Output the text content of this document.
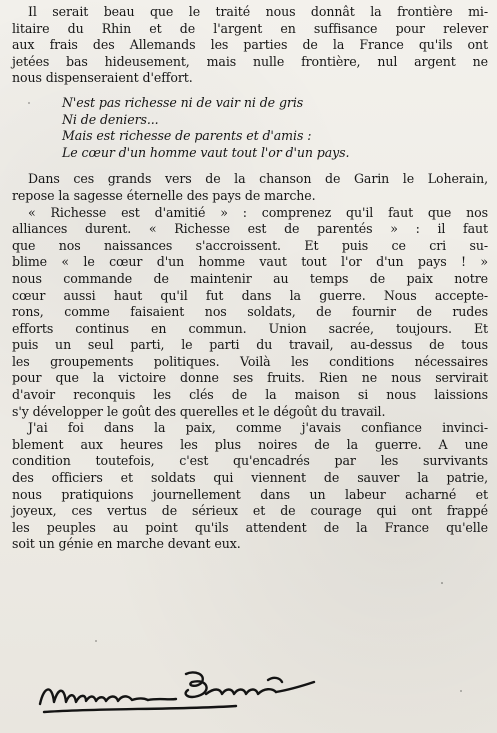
Il serait beau que le traité nous donnât la frontière mi-

litaire du Rhin et de l'argent en suffisance pour relever

aux frais des Allemands les parties de la France qu'ils ont

jetées bas hideusement, mais nulle frontière, nul argent ne

nous dispenseraient d'effort.

N'est pas richesse ni de vair ni de gris

Ni de deniers...

Mais est richesse de parents et d'amis :

Le cœur d'un homme vaut tout l'or d'un pays.

Dans ces grands vers de la chanson de Garin le Loherain,

repose la sagesse éternelle des pays de marche.

« Richesse est d'amitié » : comprenez qu'il faut que nos

alliances durent. « Richesse est de parentés » : il faut

que nos naissances s'accroissent. Et puis ce cri su-

blime « le cœur d'un homme vaut tout l'or d'un pays ! »

nous commande de maintenir au temps de paix notre

cœur aussi haut qu'il fut dans la guerre. Nous accepte-

rons, comme faisaient nos soldats, de fournir de rudes

efforts continus en commun. Union sacrée, toujours. Et

puis un seul parti, le parti du travail, au-dessus de tous

les groupements politiques. Voilà les conditions nécessaires

pour que la victoire donne ses fruits. Rien ne nous servirait

d'avoir reconquis les clés de la maison si nous laissions

s'y développer le goût des querelles et le dégoût du travail.

J'ai foi dans la paix, comme j'avais confiance invinci-

blement aux heures les plus noires de la guerre. A une

condition toutefois, c'est qu'encadrés par les survivants

des officiers et soldats qui viennent de sauver la patrie,

nous pratiquions journellement dans un labeur acharné et

joyeux, ces vertus de sérieux et de courage qui ont frappé

les peuples au point qu'ils attendent de la France qu'elle

soit un génie en marche devant eux.
